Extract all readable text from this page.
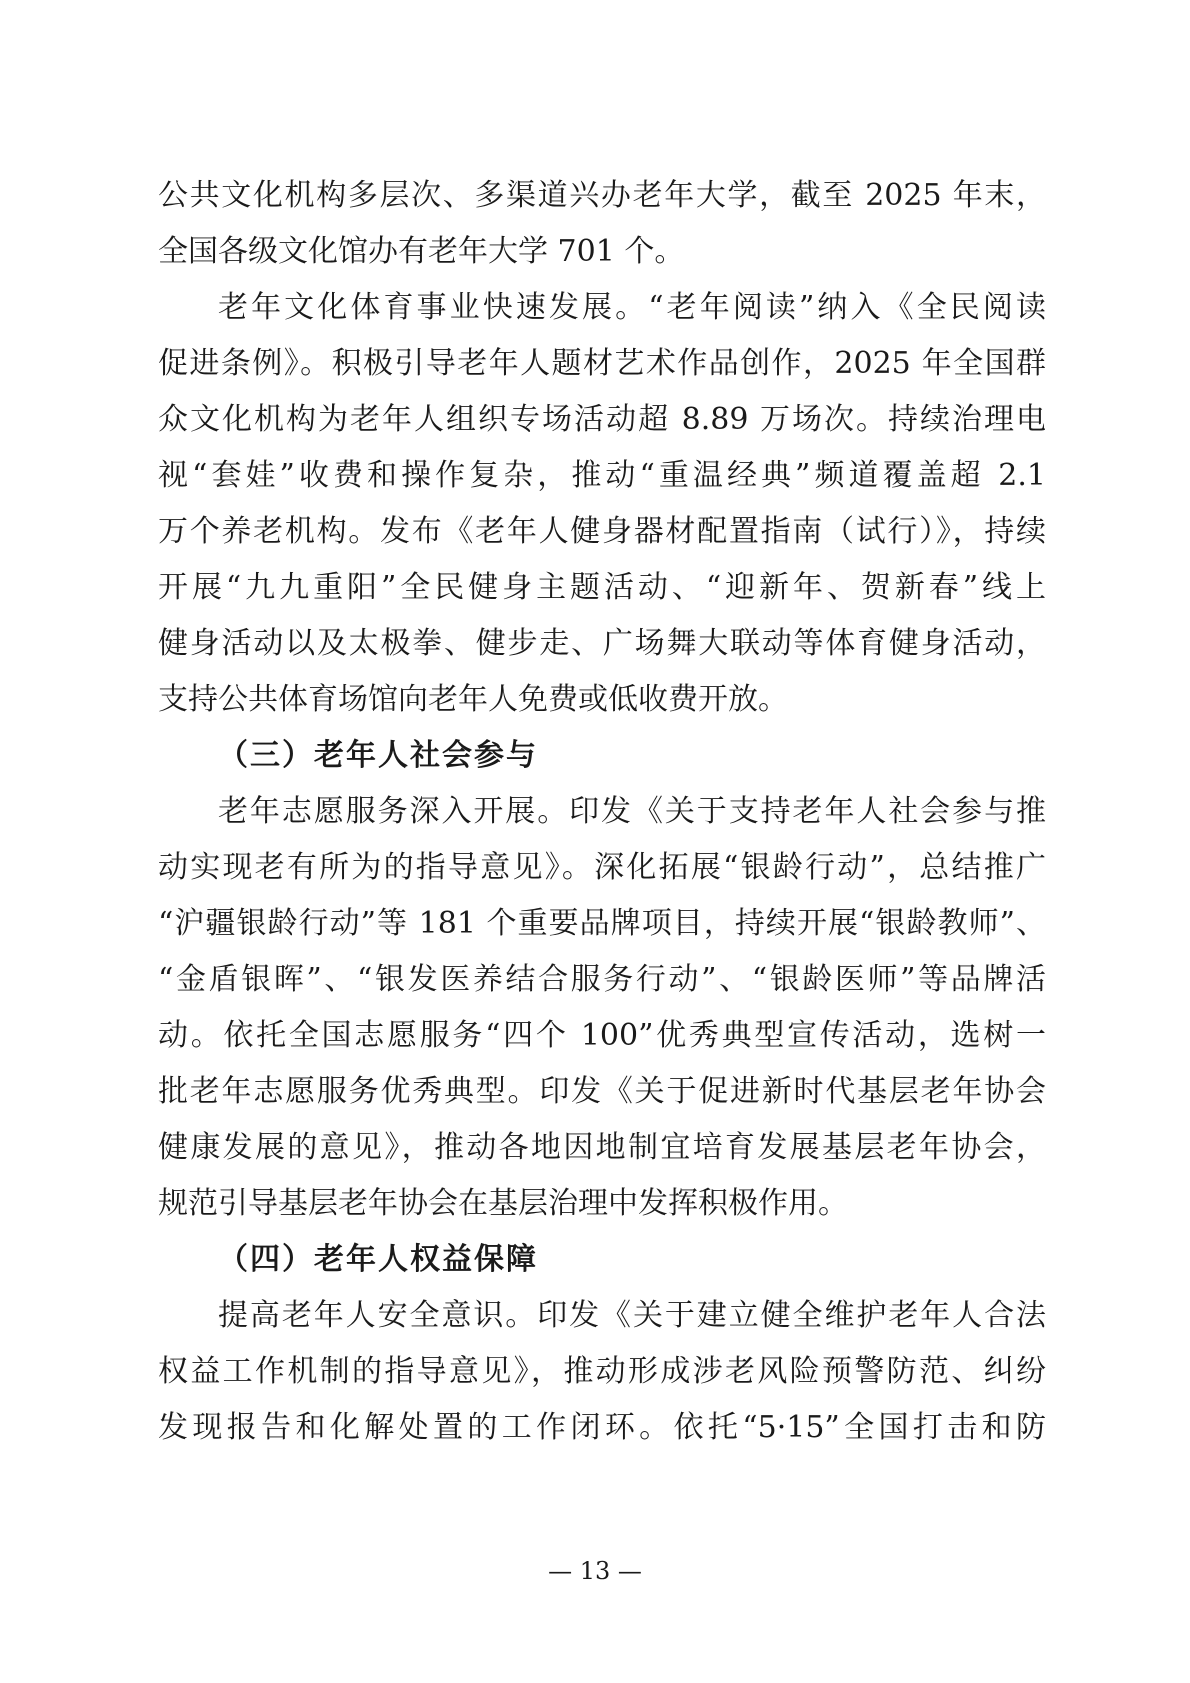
公共文化机构多层次、多渠道兴办老年大学，截至 2025 年末，
全国各级文化馆办有老年大学 701 个。
老年文化体育事业快速发展。“老年阅读”纳入《全民阅读
促进条例》。积极引导老年人题材艺术作品创作，2025 年全国群
众文化机构为老年人组织专场活动超 8.89 万场次。持续治理电
视“套娃”收费和操作复杂，推动“重温经典”频道覆盖超 2.1
万个养老机构。发布《老年人健身器材配置指南（试行）》，持续
开展“九九重阳”全民健身主题活动、“迎新年、贺新春”线上
健身活动以及太极拳、健步走、广场舞大联动等体育健身活动，
支持公共体育场馆向老年人免费或低收费开放。
（三）老年人社会参与
老年志愿服务深入开展。印发《关于支持老年人社会参与推
动实现老有所为的指导意见》。深化拓展“银龄行动”，总结推广
“沪疆银龄行动”等 181 个重要品牌项目，持续开展“银龄教师”、
“金盾银晖”、“银发医养结合服务行动”、“银龄医师”等品牌活
动。依托全国志愿服务“四个 100”优秀典型宣传活动，选树一
批老年志愿服务优秀典型。印发《关于促进新时代基层老年协会
健康发展的意见》，推动各地因地制宜培育发展基层老年协会，
规范引导基层老年协会在基层治理中发挥积极作用。
（四）老年人权益保障
提高老年人安全意识。印发《关于建立健全维护老年人合法
权益工作机制的指导意见》，推动形成涉老风险预警防范、纠纷
发现报告和化解处置的工作闭环。依托“5·15”全国打击和防
— 13 —
